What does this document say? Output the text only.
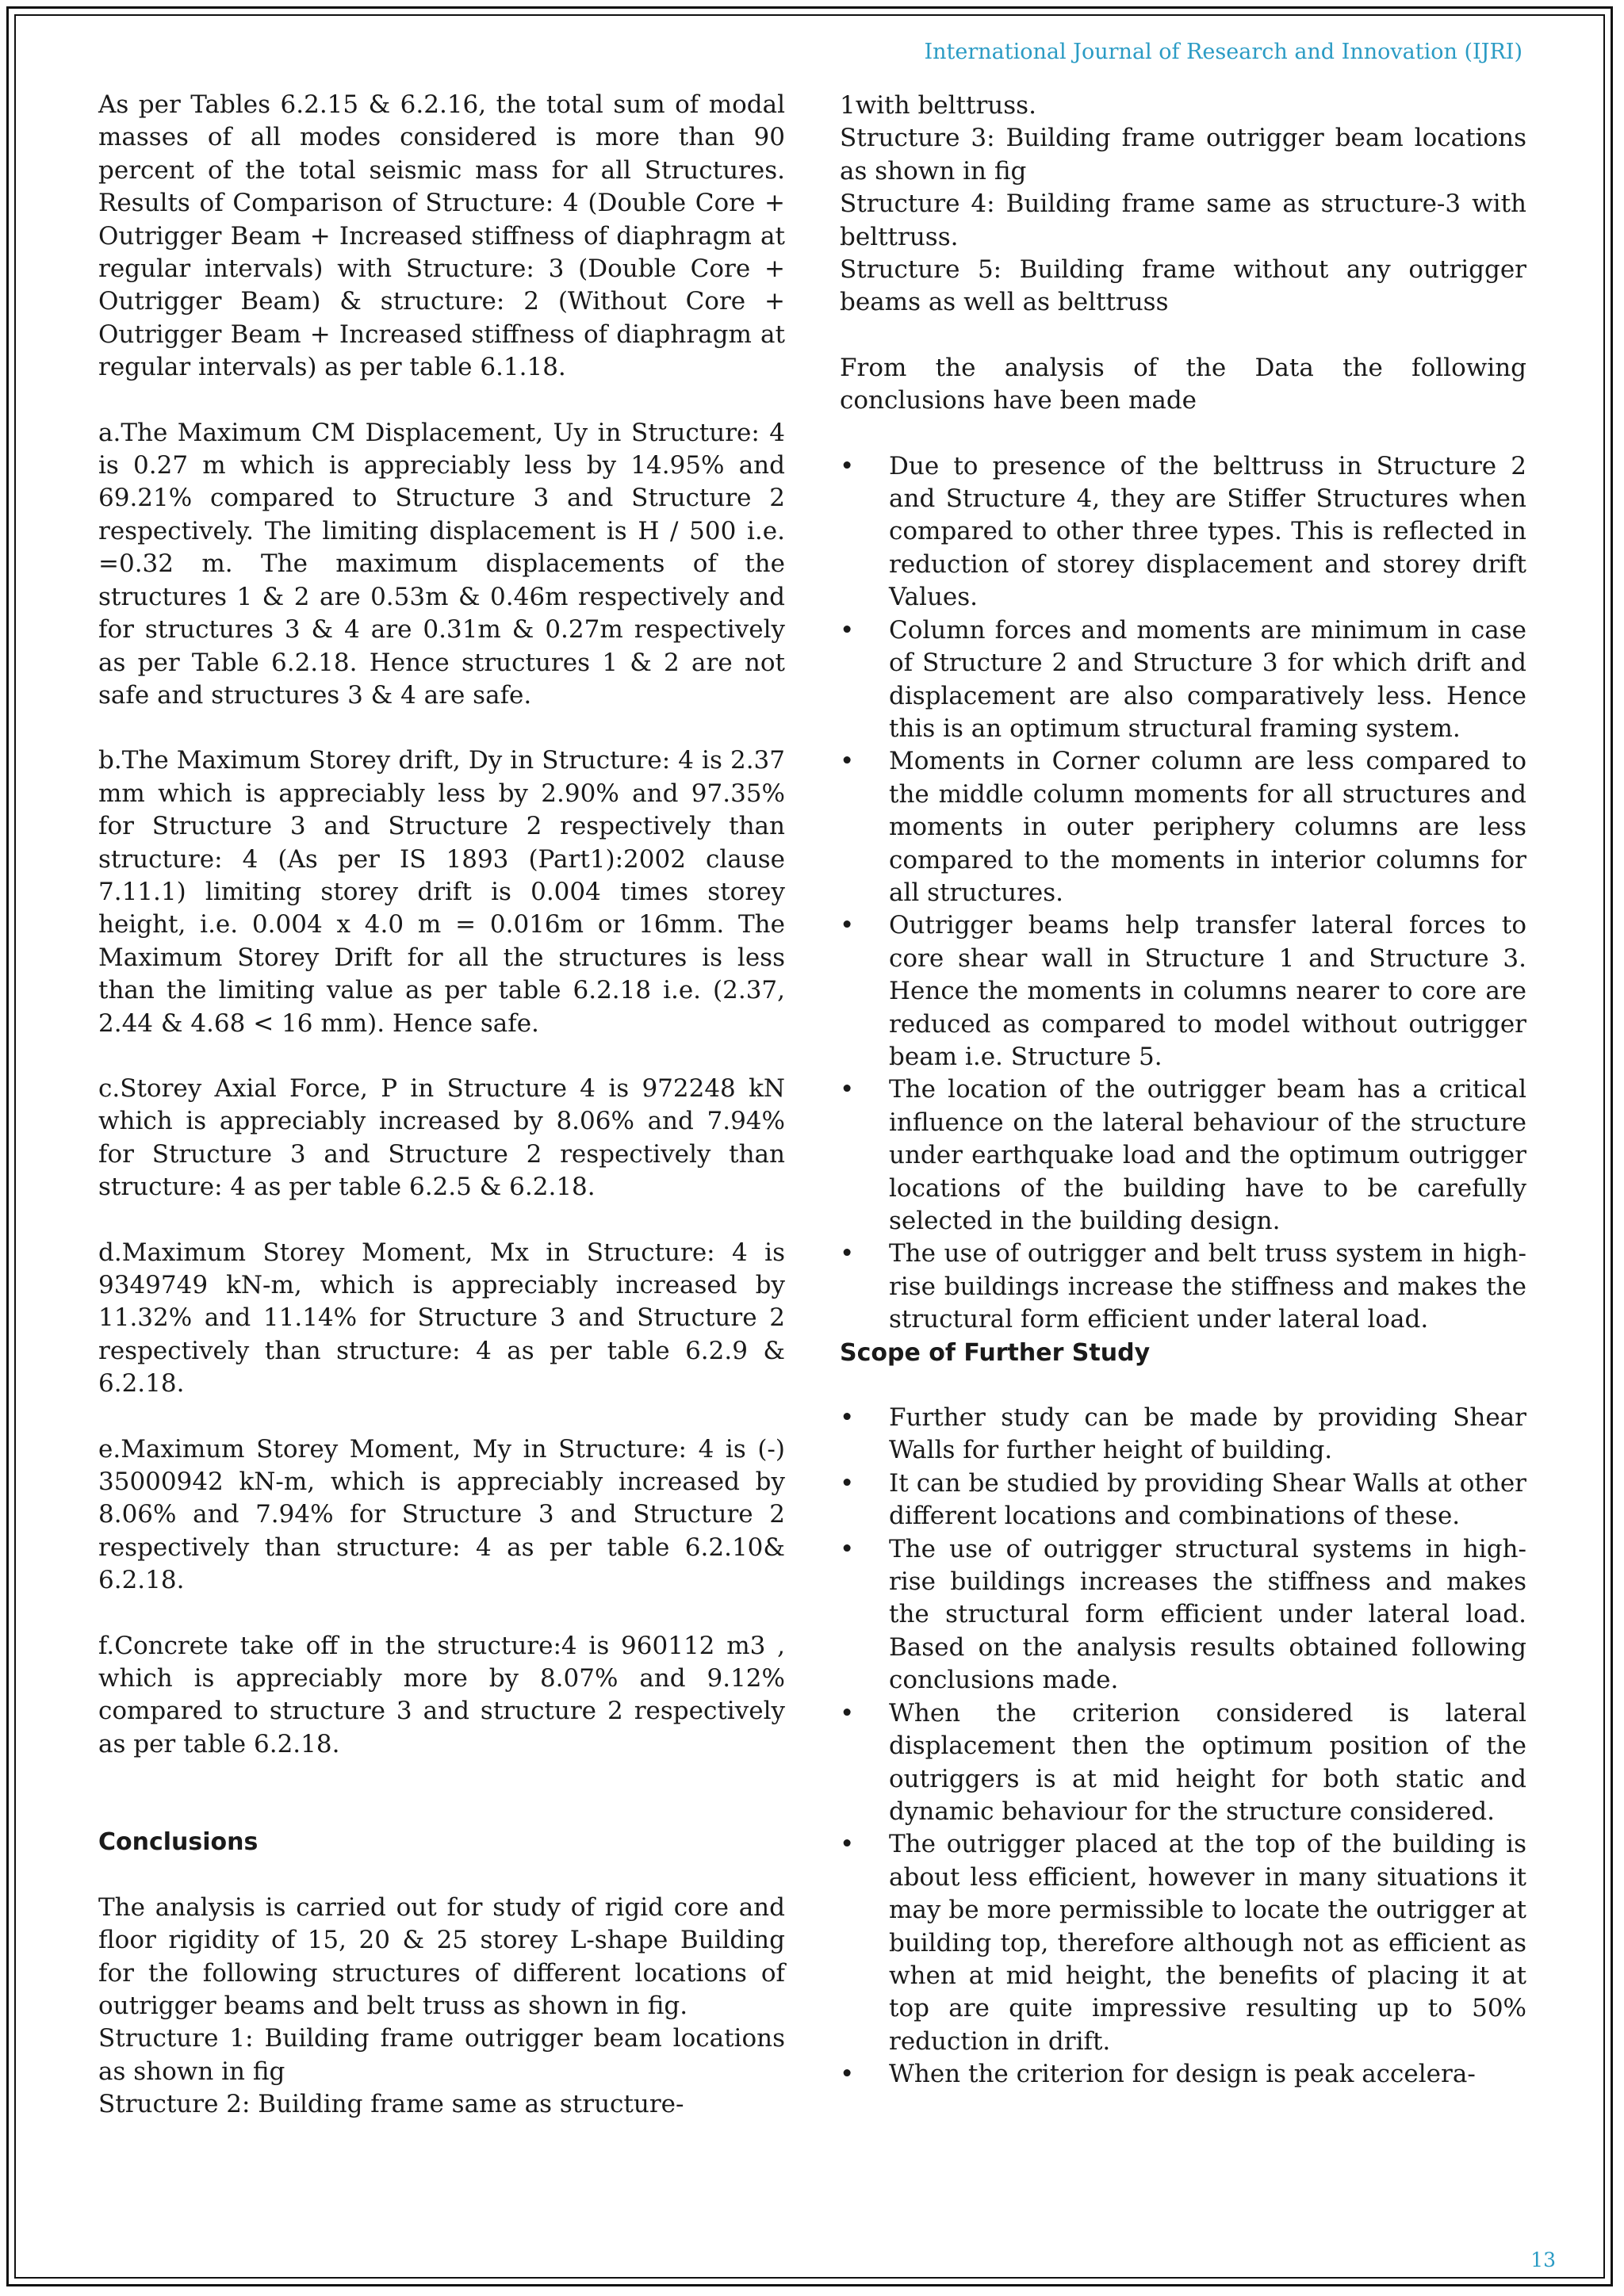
International Journal of Research and Innovation (IJRI)

As per Tables 6.2.15 & 6.2.16, the total sum of modal masses of all modes considered is more than 90 percent of the total seismic mass for all Structures. Results of Comparison of Structure: 4 (Double Core + Outrigger Beam + Increased stiffness of diaphragm at regular intervals) with Structure: 3 (Double Core + Outrigger Beam) & structure: 2 (Without Core + Outrigger Beam + Increased stiffness of diaphragm at regular intervals) as per table 6.1.18.

a.The Maximum CM Displacement, Uy in Structure: 4 is 0.27 m which is appreciably less by 14.95% and 69.21% compared to Structure 3 and Structure 2 respectively. The limiting displacement is H / 500 i.e. =0.32 m. The maximum displacements of the structures 1 & 2 are 0.53m & 0.46m respectively and for structures 3 & 4 are 0.31m & 0.27m respectively as per Table 6.2.18. Hence structures 1 & 2 are not safe and structures 3 & 4 are safe.

b.The Maximum Storey drift, Dy in Structure: 4 is 2.37 mm which is appreciably less by 2.90% and 97.35% for Structure 3 and Structure 2 respectively than structure: 4 (As per IS 1893 (Part1):2002 clause 7.11.1) limiting storey drift is 0.004 times storey height, i.e. 0.004 x 4.0 m = 0.016m or 16mm. The Maximum Storey Drift for all the structures is less than the limiting value as per table 6.2.18 i.e. (2.37, 2.44 & 4.68 < 16 mm). Hence safe.

c.Storey Axial Force, P in Structure 4 is 972248 kN which is appreciably increased by 8.06% and 7.94% for Structure 3 and Structure 2 respectively than structure: 4 as per table 6.2.5 & 6.2.18.

d.Maximum Storey Moment, Mx in Structure: 4 is 9349749 kN-m, which is appreciably increased by 11.32% and 11.14% for Structure 3 and Structure 2 respectively than structure: 4 as per table 6.2.9 & 6.2.18.

e.Maximum Storey Moment, My in Structure: 4 is (-) 35000942 kN-m, which is appreciably increased by 8.06% and 7.94% for Structure 3 and Structure 2 respectively than structure: 4 as per table 6.2.10& 6.2.18.

f.Concrete take off in the structure:4 is 960112 m3 , which is appreciably more by 8.07% and 9.12% compared to structure 3 and structure 2 respectively as per table 6.2.18.

Conclusions

The analysis is carried out for study of rigid core and floor rigidity of 15, 20 & 25 storey L-shape Building for the following structures of different locations of outrigger beams and belt truss as shown in fig.

Structure 1: Building frame outrigger beam locations as shown in fig

Structure 2: Building frame same as structure-

1with belttruss.

Structure 3: Building frame outrigger beam locations as shown in fig

Structure 4: Building frame same as structure-3 with belttruss.

Structure 5: Building frame without any outrigger beams as well as belttruss

From the analysis of the Data the following conclusions have been made

• Due to presence of the belttruss in Structure 2 and Structure 4, they are Stiffer Structures when compared to other three types. This is reflected in reduction of storey displacement and storey drift Values.
• Column forces and moments are minimum in case of Structure 2 and Structure 3 for which drift and displacement are also comparatively less. Hence this is an optimum structural framing system.
• Moments in Corner column are less compared to the middle column moments for all structures and moments in outer periphery columns are less compared to the moments in interior columns for all structures.
• Outrigger beams help transfer lateral forces to core shear wall in Structure 1 and Structure 3. Hence the moments in columns nearer to core are reduced as compared to model without outrigger beam i.e. Structure 5.
• The location of the outrigger beam has a critical influence on the lateral behaviour of the structure under earthquake load and the optimum outrigger locations of the building have to be carefully selected in the building design.
• The use of outrigger and belt truss system in high-rise buildings increase the stiffness and makes the structural form efficient under lateral load.

Scope of Further Study

• Further study can be made by providing Shear Walls for further height of building.
• It can be studied by providing Shear Walls at other different locations and combinations of these.
• The use of outrigger structural systems in high-rise buildings increases the stiffness and makes the structural form efficient under lateral load. Based on the analysis results obtained following conclusions made.
• When the criterion considered is lateral displacement then the optimum position of the outriggers is at mid height for both static and dynamic behaviour for the structure considered.
• The outrigger placed at the top of the building is about less efficient, however in many situations it may be more permissible to locate the outrigger at building top, therefore although not as efficient as when at mid height, the benefits of placing it at top are quite impressive resulting up to 50% reduction in drift.
• When the criterion for design is peak accelera-
13
